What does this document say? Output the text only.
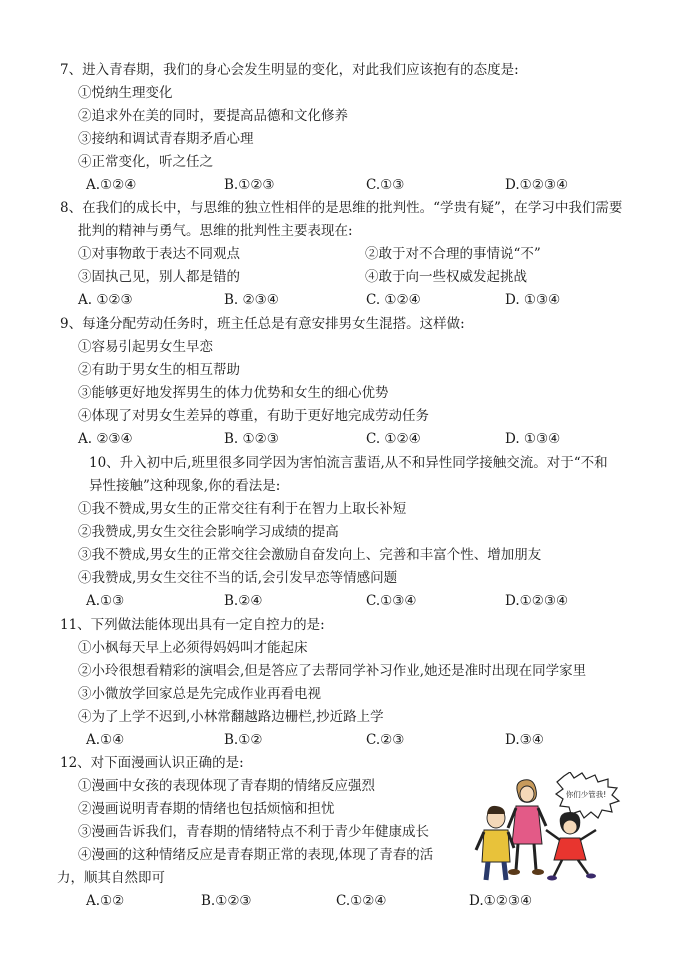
7、进入青春期，我们的身心会发生明显的变化，对此我们应该抱有的态度是:
①悦纳生理变化
②追求外在美的同时，要提高品德和文化修养
③接纳和调试青春期矛盾心理
④正常变化，听之任之
A.①②④	B.①②③	C.①③	D.①②③④
8、在我们的成长中，与思维的独立性相伴的是思维的批判性。“学贵有疑”，在学习中我们需要
批判的精神与勇气。思维的批判性主要表现在:
①对事物敢于表达不同观点	②敢于对不合理的事情说“不”
③固执己见，别人都是错的	④敢于向一些权威发起挑战
A. ①②③	B. ②③④	C. ①②④	D. ①③④
9、每逢分配劳动任务时，班主任总是有意安排男女生混搭。这样做:
①容易引起男女生早恋
②有助于男女生的相互帮助
③能够更好地发挥男生的体力优势和女生的细心优势
④体现了对男女生差异的尊重，有助于更好地完成劳动任务
A. ②③④	B. ①②③	C. ①②④	D. ①③④
10、升入初中后,班里很多同学因为害怕流言蜚语,从不和异性同学接触交流。对于“不和
异性接触”这种现象,你的看法是:
①我不赞成,男女生的正常交往有利于在智力上取长补短
②我赞成,男女生交往会影响学习成绩的提高
③我不赞成,男女生的正常交往会激励自奋发向上、完善和丰富个性、增加朋友
④我赞成,男女生交往不当的话,会引发早恋等情感问题
A.①③	B.②④	C.①③④	D.①②③④
11、下列做法能体现出具有一定自控力的是:
①小枫每天早上必须得妈妈叫才能起床
②小玲很想看精彩的演唱会,但是答应了去帮同学补习作业,她还是准时出现在同学家里
③小微放学回家总是先完成作业再看电视
④为了上学不迟到,小林常翻越路边栅栏,抄近路上学
A.①④	B.①②	C.②③	D.③④
12、对下面漫画认识正确的是:
①漫画中女孩的表现体现了青春期的情绪反应强烈
②漫画说明青春期的情绪也包括烦恼和担忧
③漫画告诉我们，青春期的情绪特点不利于青少年健康成长
④漫画的这种情绪反应是青春期正常的表现,体现了青春的活
力，顺其自然即可
A.①②	B.①②③	C.①②④	D.①②③④
你们少管我!
